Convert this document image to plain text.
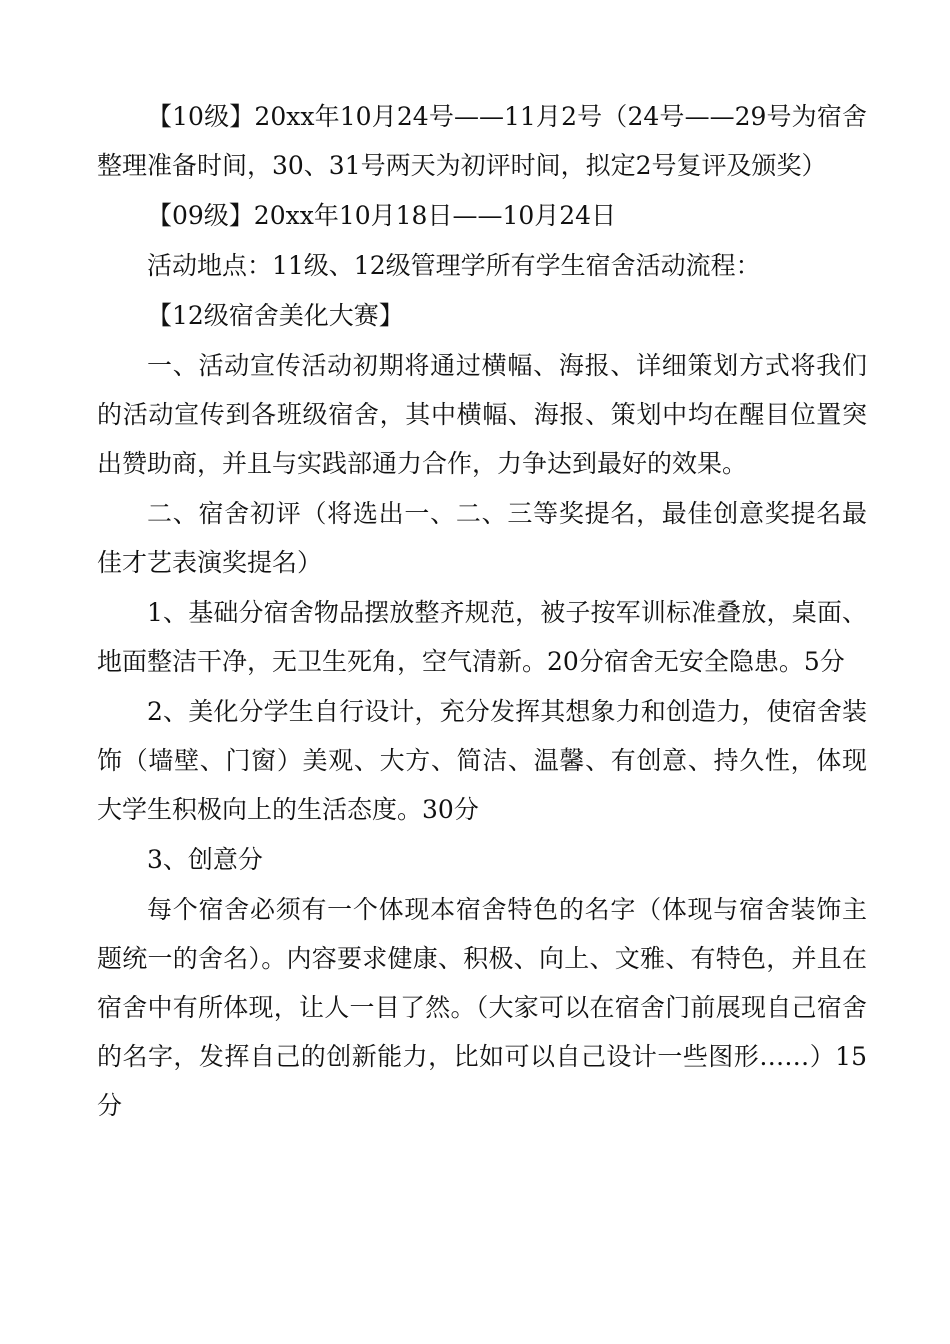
【10级】20xx年10月24号——11月2号（24号——29号为宿舍整理准备时间，30、31号两天为初评时间，拟定2号复评及颁奖）

【09级】20xx年10月18日——10月24日

活动地点：11级、12级管理学所有学生宿舍活动流程：

【12级宿舍美化大赛】

一、活动宣传活动初期将通过横幅、海报、详细策划方式将我们的活动宣传到各班级宿舍，其中横幅、海报、策划中均在醒目位置突出赞助商，并且与实践部通力合作，力争达到最好的效果。

二、宿舍初评（将选出一、二、三等奖提名，最佳创意奖提名最佳才艺表演奖提名）

1、基础分宿舍物品摆放整齐规范，被子按军训标准叠放，桌面、地面整洁干净，无卫生死角，空气清新。20分宿舍无安全隐患。5分

2、美化分学生自行设计，充分发挥其想象力和创造力，使宿舍装饰（墙壁、门窗）美观、大方、简洁、温馨、有创意、持久性，体现大学生积极向上的生活态度。30分

3、创意分

每个宿舍必须有一个体现本宿舍特色的名字（体现与宿舍装饰主题统一的舍名）。内容要求健康、积极、向上、文雅、有特色，并且在宿舍中有所体现，让人一目了然。（大家可以在宿舍门前展现自己宿舍的名字，发挥自己的创新能力，比如可以自己设计一些图形……）15分
